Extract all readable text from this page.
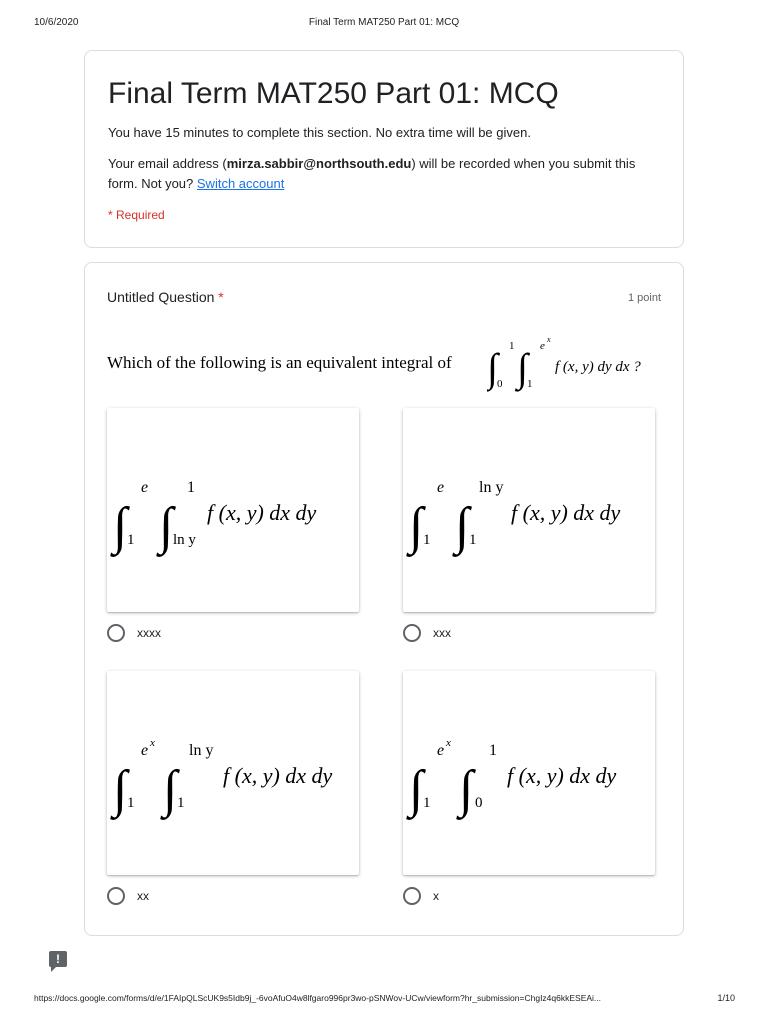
10/6/2020	Final Term MAT250 Part 01: MCQ
Final Term MAT250 Part 01: MCQ

You have 15 minutes to complete this section. No extra time will be given.

Your email address (mirza.sabbir@northsouth.edu) will be recorded when you submit this form. Not you? Switch account

* Required

Untitled Question *	1 point
Which of the following is an equivalent integral of ∫ 1
0 ∫ e
x
1
f (x, y) dy dx ?
∫
e
1 ∫
1
ln y
f (x, y) dx dy
xxxx
∫
e
1 ∫
ln y
1
f (x, y) dx dy
xxx
∫
e x
1 ∫
ln y
1
f (x, y) dx dy
xx
∫
e x
1 ∫
1
0
f (x, y) dx dy
x
!
https://docs.google.com/forms/d/e/1FAIpQLScUK9s5Idb9j_-6voAfuO4w8lfgaro996pr3wo-pSNWov-UCw/viewform?hr_submission=ChgIz4q6kkESEAi...	1/10
